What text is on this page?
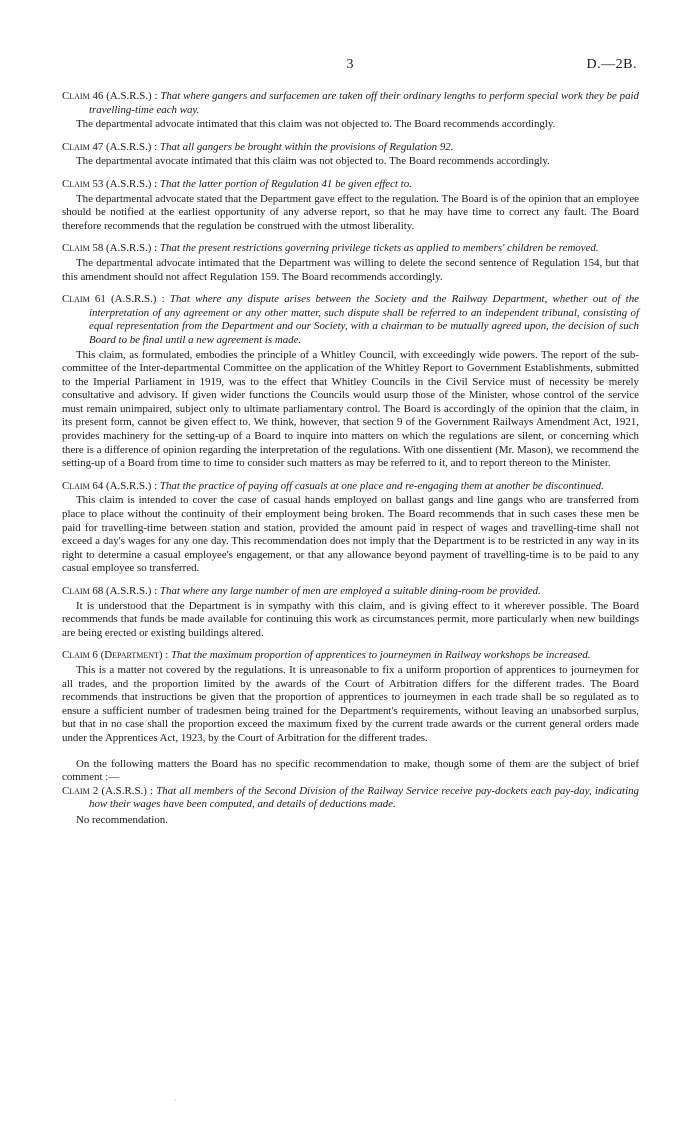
3	D.—2B.

Claim 46 (A.S.R.S.) : That where gangers and surfacemen are taken off their ordinary lengths to perform special work they be paid travelling-time each way.

The departmental advocate intimated that this claim was not objected to. The Board recommends accordingly.

Claim 47 (A.S.R.S.) : That all gangers be brought within the provisions of Regulation 92.

The departmental avocate intimated that this claim was not objected to. The Board recommends accordingly.

Claim 53 (A.S.R.S.) : That the latter portion of Regulation 41 be given effect to.

The departmental advocate stated that the Department gave effect to the regulation. The Board is of the opinion that an employee should be notified at the earliest opportunity of any adverse report, so that he may have time to correct any fault. The Board therefore recommends that the regulation be construed with the utmost liberality.

Claim 58 (A.S.R.S.) : That the present restrictions governing privilege tickets as applied to members' children be removed.

The departmental advocate intimated that the Department was willing to delete the second sentence of Regulation 154, but that this amendment should not affect Regulation 159. The Board recommends accordingly.

Claim 61 (A.S.R.S.) : That where any dispute arises between the Society and the Railway Department, whether out of the interpretation of any agreement or any other matter, such dispute shall be referred to an independent tribunal, consisting of equal representation from the Department and our Society, with a chairman to be mutually agreed upon, the decision of such Board to be final until a new agreement is made.

This claim, as formulated, embodies the principle of a Whitley Council, with exceedingly wide powers. The report of the sub-committee of the Inter-departmental Committee on the application of the Whitley Report to Government Establishments, submitted to the Imperial Parliament in 1919, was to the effect that Whitley Councils in the Civil Service must of necessity be merely consultative and advisory. If given wider functions the Councils would usurp those of the Minister, whose control of the service must remain unimpaired, subject only to ultimate parliamentary control. The Board is accordingly of the opinion that the claim, in its present form, cannot be given effect to. We think, however, that section 9 of the Government Railways Amendment Act, 1921, provides machinery for the setting-up of a Board to inquire into matters on which the regulations are silent, or concerning which there is a difference of opinion regarding the interpretation of the regulations. With one dissentient (Mr. Mason), we recommend the setting-up of a Board from time to time to consider such matters as may be referred to it, and to report thereon to the Minister.

Claim 64 (A.S.R.S.) : That the practice of paying off casuals at one place and re-engaging them at another be discontinued.

This claim is intended to cover the case of casual hands employed on ballast gangs and line gangs who are transferred from place to place without the continuity of their employment being broken. The Board recommends that in such cases these men be paid for travelling-time between station and station, provided the amount paid in respect of wages and travelling-time shall not exceed a day's wages for any one day. This recommendation does not imply that the Department is to be restricted in any way in its right to determine a casual employee's engagement, or that any allowance beyond payment of travelling-time is to be paid to any casual employee so transferred.

Claim 68 (A.S.R.S.) : That where any large number of men are employed a suitable dining-room be provided.

It is understood that the Department is in sympathy with this claim, and is giving effect to it wherever possible. The Board recommends that funds be made available for continuing this work as circumstances permit, more particularly when new buildings are being erected or existing buildings altered.

Claim 6 (Department) : That the maximum proportion of apprentices to journeymen in Railway workshops be increased.

This is a matter not covered by the regulations. It is unreasonable to fix a uniform proportion of apprentices to journeymen for all trades, and the proportion limited by the awards of the Court of Arbitration differs for the different trades. The Board recommends that instructions be given that the proportion of apprentices to journeymen in each trade shall be so regulated as to ensure a sufficient number of tradesmen being trained for the Department's requirements, without leaving an unabsorbed surplus, but that in no case shall the proportion exceed the maximum fixed by the current trade awards or the current general orders made under the Apprentices Act, 1923, by the Court of Arbitration for the different trades.

On the following matters the Board has no specific recommendation to make, though some of them are the subject of brief comment :—

Claim 2 (A.S.R.S.) : That all members of the Second Division of the Railway Service receive pay-dockets each pay-day, indicating how their wages have been computed, and details of deductions made.

No recommendation.

·
